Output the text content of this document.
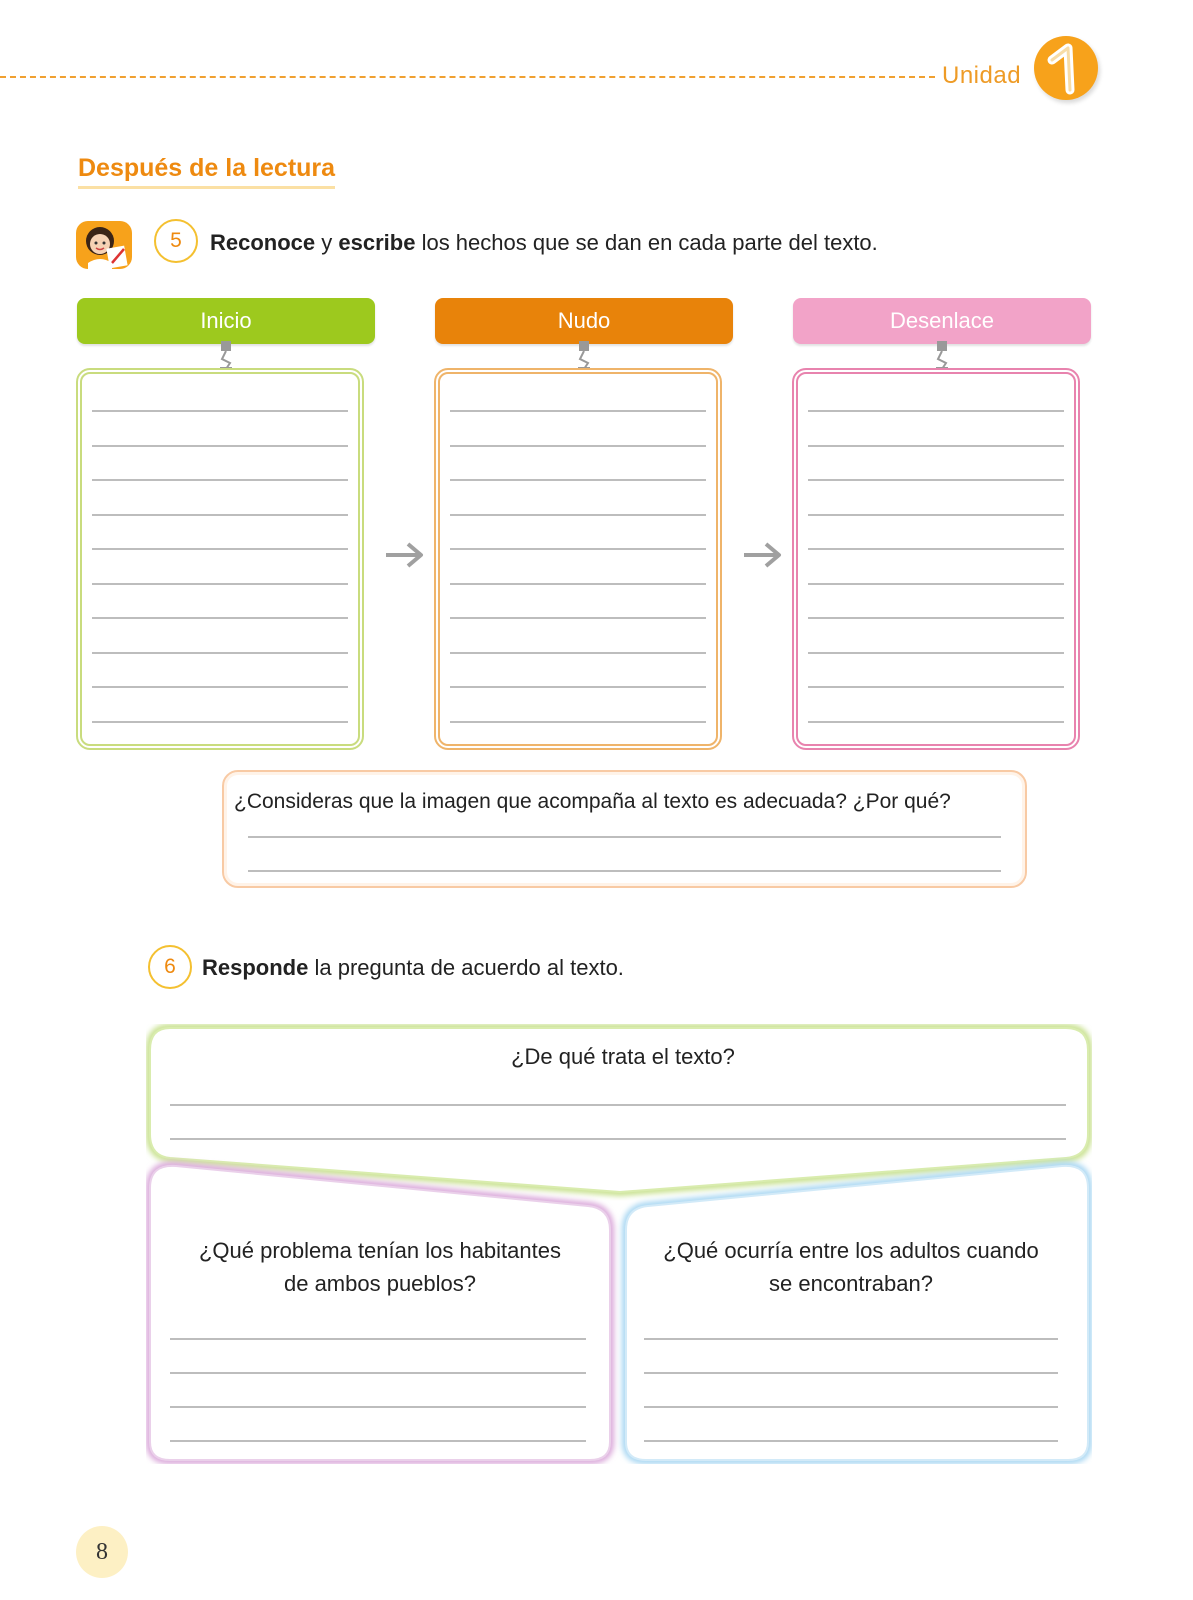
Unidad
Después de la lectura
5	Reconoce y escribe los hechos que se dan en cada parte del texto.
Inicio	Nudo	Desenlace
¿Consideras que la imagen que acompaña al texto es adecuada? ¿Por qué?
6	Responde la pregunta de acuerdo al texto.
¿De qué trata el texto?
¿Qué problema tenían los habitantes
de ambos pueblos?
¿Qué ocurría entre los adultos cuando
se encontraban?
8
